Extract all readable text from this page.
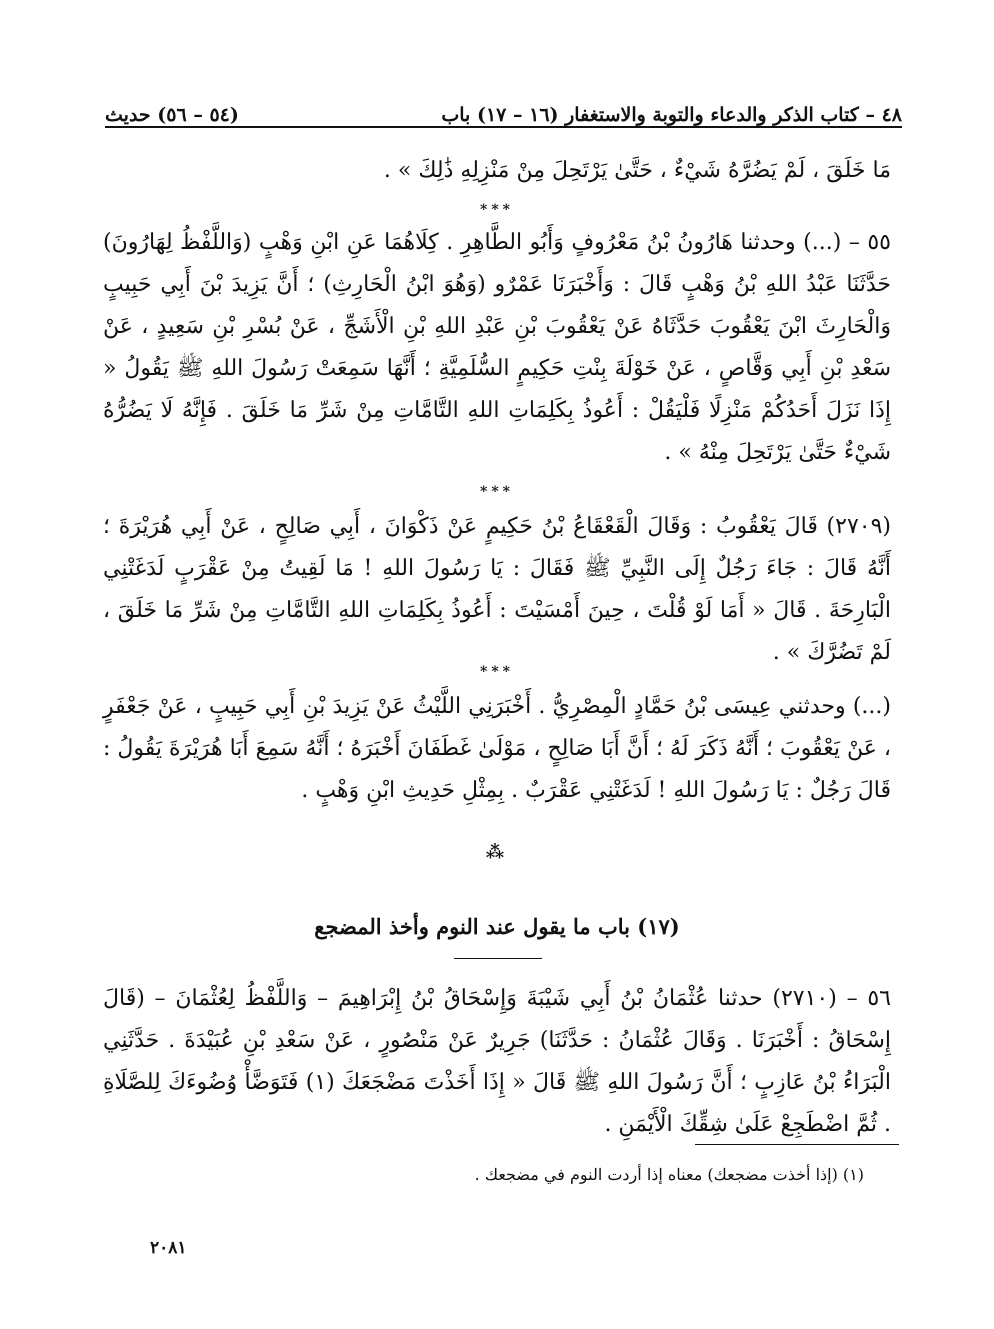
٤٨ – كتاب الذكر والدعاء والتوبة والاستغفار (١٦ – ١٧) باب
(٥٤ – ٥٦) حديث
مَا خَلَقَ ، لَمْ يَضُرَّهُ شَيْءٌ ، حَتَّىٰ يَرْتَحِلَ مِنْ مَنْزِلِهِ ذَٰلِكَ » .
***
٥٥ – (...) وحدثنا هَارُونُ بْنُ مَعْرُوفٍ وَأَبُو الطَّاهِرِ . كِلَاهُمَا عَنِ ابْنِ وَهْبٍ (وَاللَّفْظُ لِهَارُونَ) حَدَّثَنَا عَبْدُ اللهِ بْنُ وَهْبٍ قَالَ : وَأَخْبَرَنَا عَمْرٌو (وَهُوَ ابْنُ الْحَارِثِ) ؛ أَنَّ يَزِيدَ بْنَ أَبِي حَبِيبٍ وَالْحَارِثَ ابْنَ يَعْقُوبَ حَدَّثَاهُ عَنْ يَعْقُوبَ بْنِ عَبْدِ اللهِ بْنِ الْأَشَجِّ ، عَنْ بُسْرِ بْنِ سَعِيدٍ ، عَنْ سَعْدِ بْنِ أَبِي وَقَّاصٍ ، عَنْ خَوْلَةَ بِنْتِ حَكِيمٍ السُّلَمِيَّةِ ؛ أَنَّهَا سَمِعَتْ رَسُولَ اللهِ ﷺ يَقُولُ « إِذَا نَزَلَ أَحَدُكُمْ مَنْزِلًا فَلْيَقُلْ : أَعُوذُ بِكَلِمَاتِ اللهِ التَّامَّاتِ مِنْ شَرِّ مَا خَلَقَ . فَإِنَّهُ لَا يَضُرُّهُ شَيْءٌ حَتَّىٰ يَرْتَحِلَ مِنْهُ » .
***
(٢٧٠٩) قَالَ يَعْقُوبُ : وَقَالَ الْقَعْقَاعُ بْنُ حَكِيمٍ عَنْ ذَكْوَانَ ، أَبِي صَالِحٍ ، عَنْ أَبِي هُرَيْرَةَ ؛ أَنَّهُ قَالَ : جَاءَ رَجُلٌ إِلَى النَّبِيِّ ﷺ فَقَالَ : يَا رَسُولَ اللهِ ! مَا لَقِيتُ مِنْ عَقْرَبٍ لَدَغَتْنِي الْبَارِحَةَ . قَالَ « أَمَا لَوْ قُلْتَ ، حِينَ أَمْسَيْتَ : أَعُوذُ بِكَلِمَاتِ اللهِ التَّامَّاتِ مِنْ شَرِّ مَا خَلَقَ ، لَمْ تَضُرَّكَ » .
***
(...) وحدثني عِيسَى بْنُ حَمَّادٍ الْمِصْرِيُّ . أَخْبَرَنِي اللَّيْثُ عَنْ يَزِيدَ بْنِ أَبِي حَبِيبٍ ، عَنْ جَعْفَرٍ ، عَنْ يَعْقُوبَ ؛ أَنَّهُ ذَكَرَ لَهُ ؛ أَنَّ أَبَا صَالِحٍ ، مَوْلَىٰ غَطَفَانَ أَخْبَرَهُ ؛ أَنَّهُ سَمِعَ أَبَا هُرَيْرَةَ يَقُولُ : قَالَ رَجُلٌ : يَا رَسُولَ اللهِ ! لَدَغَتْنِي عَقْرَبٌ . بِمِثْلِ حَدِيثِ ابْنِ وَهْبٍ .
⁂
(١٧) باب ما يقول عند النوم وأخذ المضجع
٥٦ – (٢٧١٠) حدثنا عُثْمَانُ بْنُ أَبِي شَيْبَةَ وَإِسْحَاقُ بْنُ إِبْرَاهِيمَ – وَاللَّفْظُ لِعُثْمَانَ – (قَالَ إِسْحَاقُ : أَخْبَرَنَا . وَقَالَ عُثْمَانُ : حَدَّثَنَا) جَرِيرٌ عَنْ مَنْصُورٍ ، عَنْ سَعْدِ بْنِ عُبَيْدَةَ . حَدَّثَنِي الْبَرَاءُ بْنُ عَازِبٍ ؛ أَنَّ رَسُولَ اللهِ ﷺ قَالَ « إِذَا أَخَذْتَ مَضْجَعَكَ (١) فَتَوَضَّأْ وُضُوءَكَ لِلصَّلَاةِ . ثُمَّ اضْطَجِعْ عَلَىٰ شِقِّكَ الْأَيْمَنِ .
(١) (إذا أخذت مضجعك) معناه إذا أردت النوم في مضجعك .
٢٠٨١
